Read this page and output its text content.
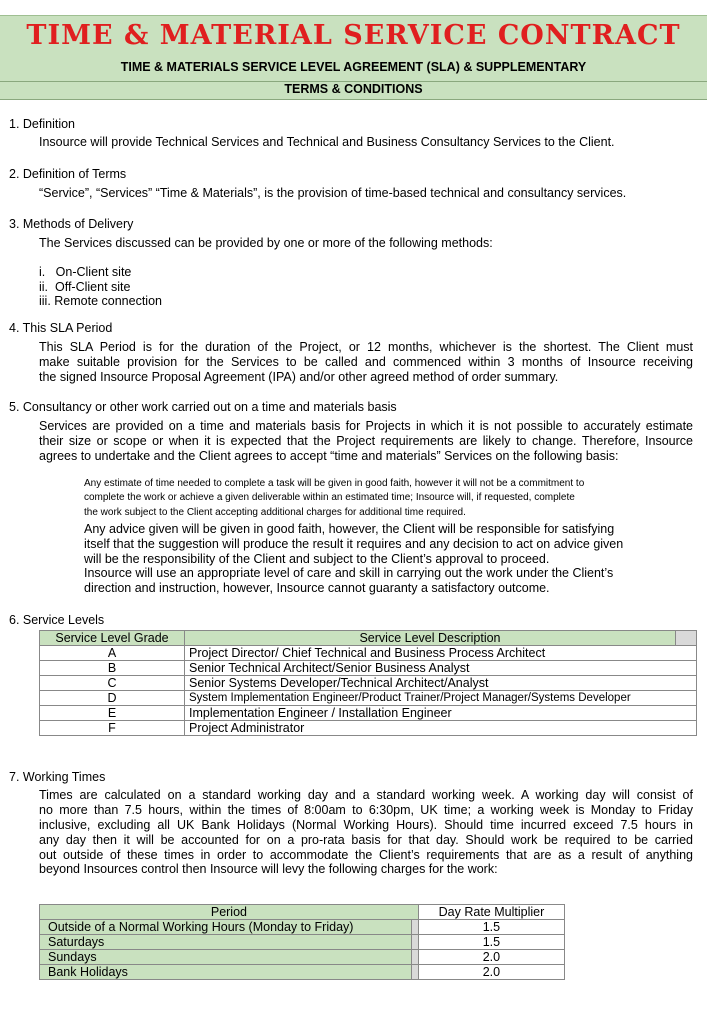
TIME & MATERIAL SERVICE CONTRACT
TIME & MATERIALS SERVICE LEVEL AGREEMENT (SLA) & SUPPLEMENTARY
TERMS & CONDITIONS
1. Definition
Insource will provide Technical Services and Technical and Business Consultancy Services to the Client.
2. Definition of Terms
“Service”, “Services” “Time & Materials”, is the provision of time-based technical and consultancy services.
3. Methods of Delivery
The Services discussed can be provided by one or more of the following methods:
i.   On-Client site
ii.  Off-Client site
iii. Remote connection
4. This SLA Period
This SLA Period is for the duration of the Project, or 12 months, whichever is the shortest. The Client must
make suitable provision for the Services to be called and commenced within 3 months of Insource receiving
the signed Insource Proposal Agreement (IPA) and/or other agreed method of order summary.
5. Consultancy or other work carried out on a time and materials basis
Services are provided on a time and materials basis for Projects in which it is not possible to accurately estimate
their size or scope or when it is expected that the Project requirements are likely to change. Therefore, Insource
agrees to undertake and the Client agrees to accept “time and materials” Services on the following basis:
Any estimate of time needed to complete a task will be given in good faith, however it will not be a commitment to
complete the work or achieve a given deliverable within an estimated time; Insource will, if requested, complete
the work subject to the Client accepting additional charges for additional time required.
Any advice given will be given in good faith, however, the Client will be responsible for satisfying
itself that the suggestion will produce the result it requires and any decision to act on advice given
will be the responsibility of the Client and subject to the Client’s approval to proceed.
Insource will use an appropriate level of care and skill in carrying out the work under the Client’s
direction and instruction, however, Insource cannot guaranty a satisfactory outcome.
6. Service Levels
Service Level Grade	Service Level Description	
A	Project Director/ Chief Technical and Business Process Architect	
B	Senior Technical Architect/Senior Business Analyst	
C	Senior Systems Developer/Technical Architect/Analyst	
D	System Implementation Engineer/Product Trainer/Project Manager/Systems Developer	
E	Implementation Engineer / Installation Engineer	
F	Project Administrator	
7. Working Times
Times are calculated on a standard working day and a standard working week. A working day will consist of
no more than 7.5 hours, within the times of 8:00am to 6:30pm, UK time; a working week is Monday to Friday
inclusive, excluding all UK Bank Holidays (Normal Working Hours). Should time incurred exceed 7.5 hours in
any day then it will be accounted for on a pro-rata basis for that day. Should work be required to be carried
out outside of these times in order to accommodate the Client’s requirements that are as a result of anything
beyond Insources control then Insource will levy the following charges for the work:
Period		Day Rate Multiplier
Outside of a Normal Working Hours (Monday to Friday)		1.5
Saturdays		1.5
Sundays		2.0
Bank Holidays		2.0
